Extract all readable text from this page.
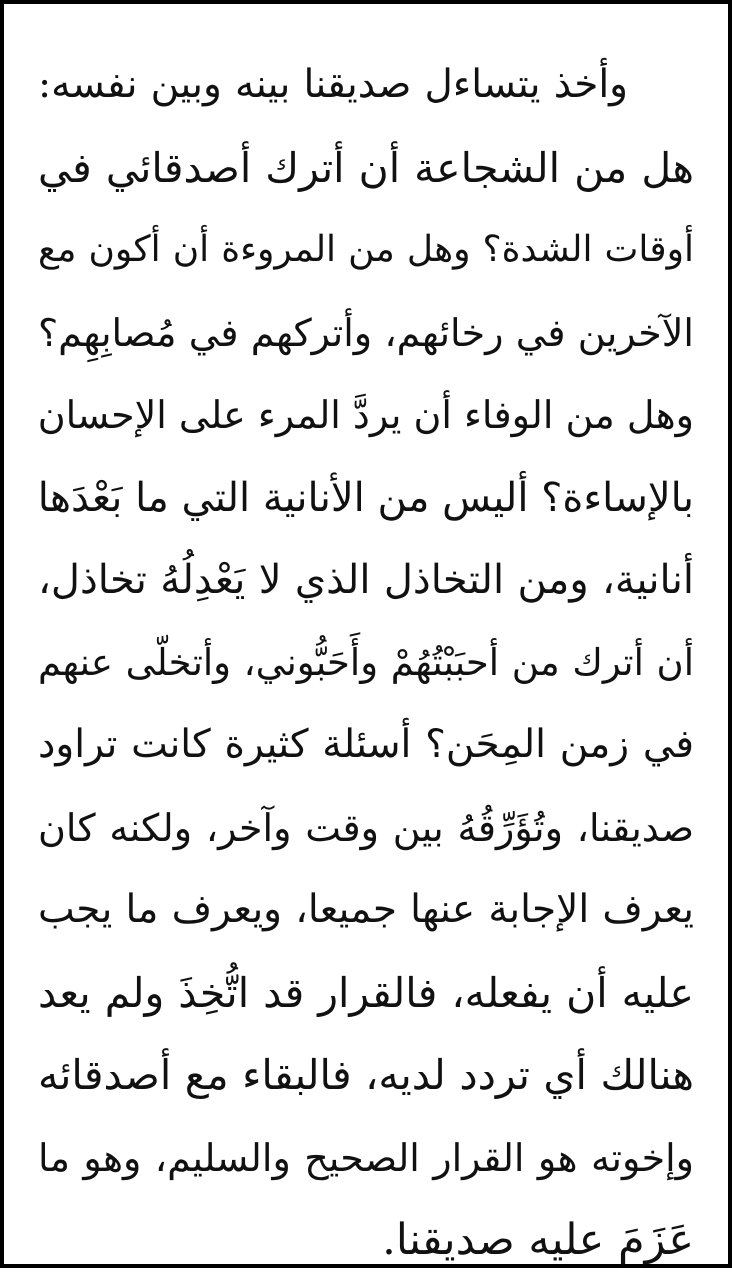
وأخذ يتساءل صديقنا بينه وبين نفسه:
هل من الشجاعة أن أترك أصدقائي في
أوقات الشدة؟ وهل من المروءة أن أكون مع
الآخرين في رخائهم، وأتركهم في مُصابِهِم؟
وهل من الوفاء أن يردَّ المرء على الإحسان
بالإساءة؟ أليس من الأنانية التي ما بَعْدَها
أنانية، ومن التخاذل الذي لا يَعْدِلُهُ تخاذل،
أن أترك من أحبَبْتُهُمْ وأَحَبُّوني، وأتخلّى عنهم
في زمن المِحَن؟ أسئلة كثيرة كانت تراود
صديقنا، وتُؤَرِّقُهُ بين وقت وآخر، ولكنه كان
يعرف الإجابة عنها جميعا، ويعرف ما يجب
عليه أن يفعله، فالقرار قد اتُّخِذَ ولم يعد
هنالك أي تردد لديه، فالبقاء مع أصدقائه
وإخوته هو القرار الصحيح والسليم، وهو ما
عَزَمَ عليه صديقنا.
